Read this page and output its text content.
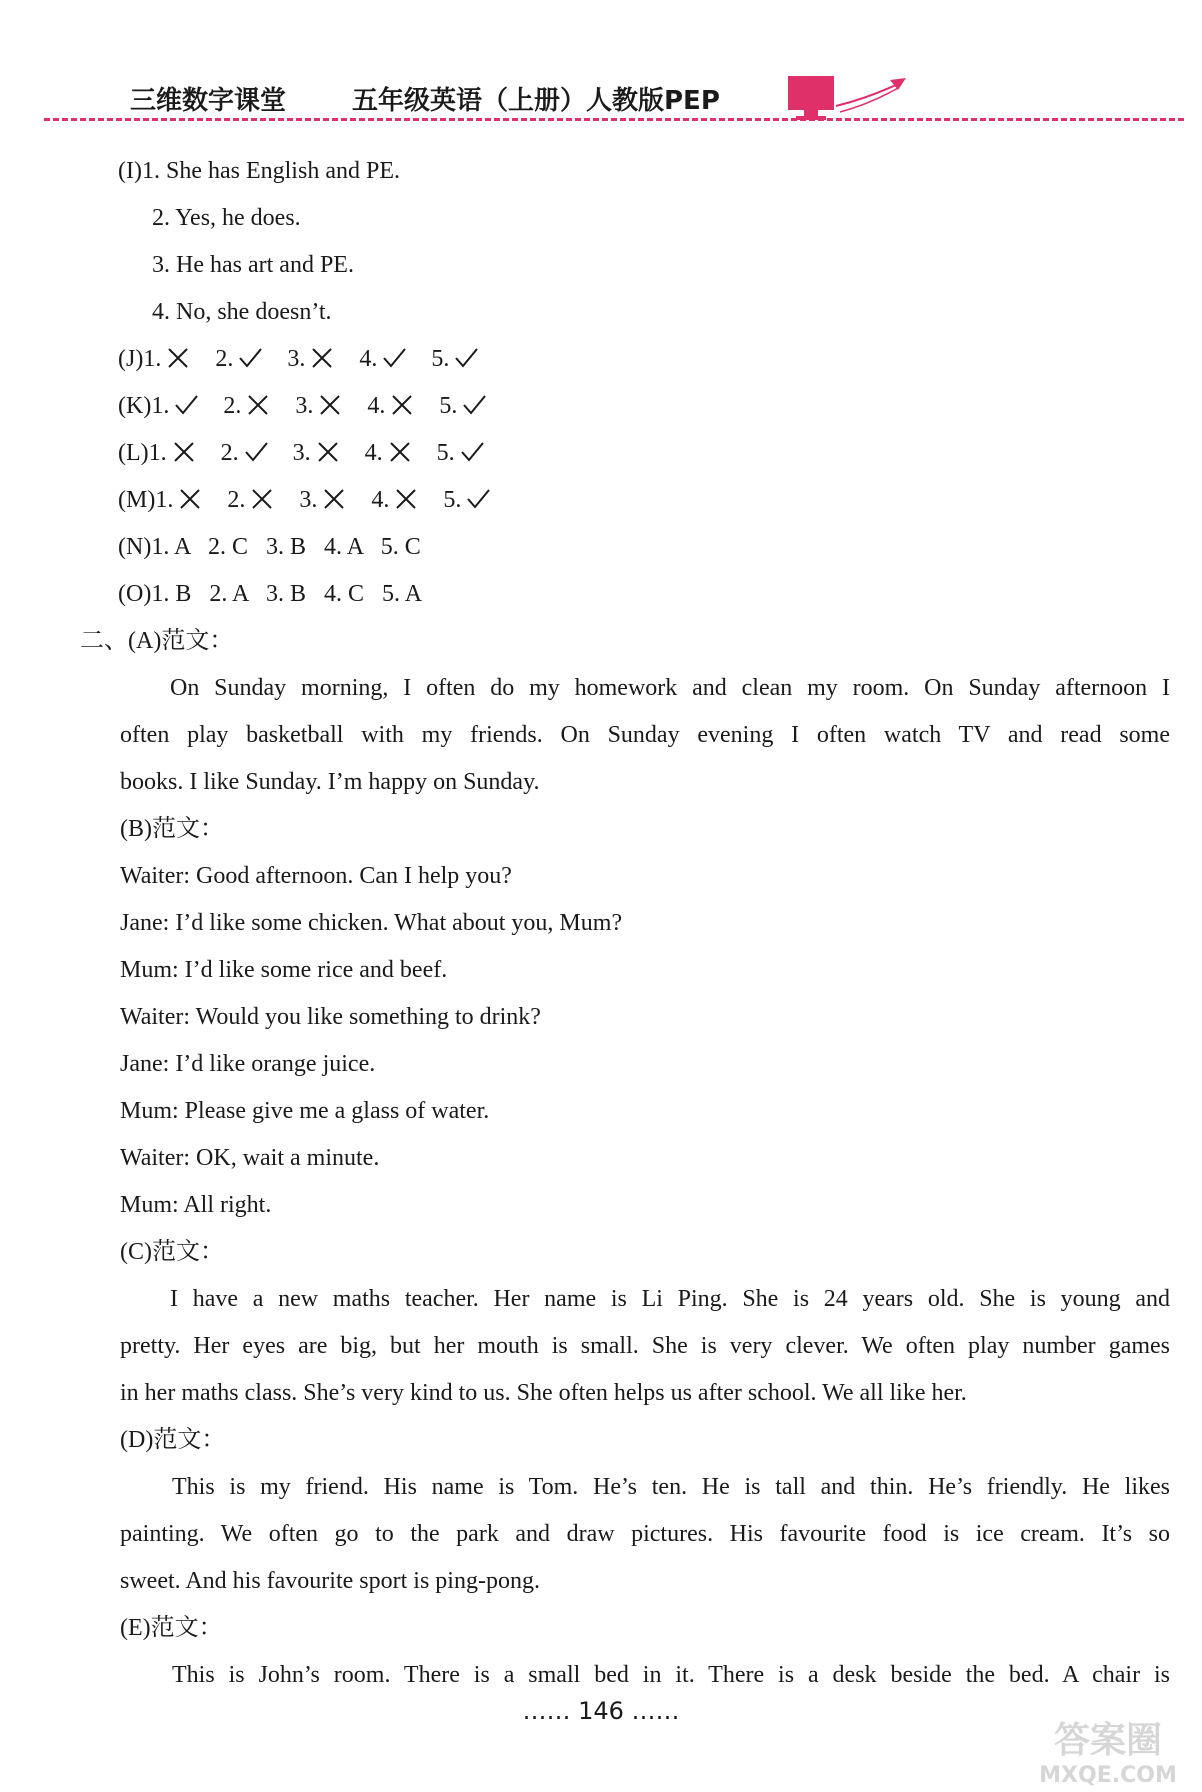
三维数字课堂	五年级英语（上册）人教版PEP
(I)1. She has English and PE.
2. Yes, he does.
3. He has art and PE.
4. No, she doesn’t.
(J)1. 2. 3. 4. 5.
(K)1. 2. 3. 4. 5.
(L)1. 2. 3. 4. 5.
(M)1. 2. 3. 4. 5.
(N)1. A   2. C   3. B   4. A   5. C
(O)1. B   2. A   3. B   4. C   5. A
二、(A)范文：
On Sunday morning, I often do my homework and clean my room. On Sunday afternoon I
often play basketball with my friends. On Sunday evening I often watch TV and read some
books. I like Sunday. I’m happy on Sunday.
(B)范文：
Waiter: Good afternoon. Can I help you?
Jane: I’d like some chicken. What about you, Mum?
Mum: I’d like some rice and beef.
Waiter: Would you like something to drink?
Jane: I’d like orange juice.
Mum: Please give me a glass of water.
Waiter: OK, wait a minute.
Mum: All right.
(C)范文：
I have a new maths teacher. Her name is Li Ping. She is 24 years old. She is young and
pretty. Her eyes are big, but her mouth is small. She is very clever. We often play number games
in her maths class. She’s very kind to us. She often helps us after school. We all like her.
(D)范文：
This is my friend. His name is Tom. He’s ten. He is tall and thin. He’s friendly. He likes
painting. We often go to the park and draw pictures. His favourite food is ice cream. It’s so
sweet. And his favourite sport is ping-pong.
(E)范文：
This is John’s room. There is a small bed in it. There is a desk beside the bed. A chair is
…… 146 ……
答案圈
MXQE.COM
